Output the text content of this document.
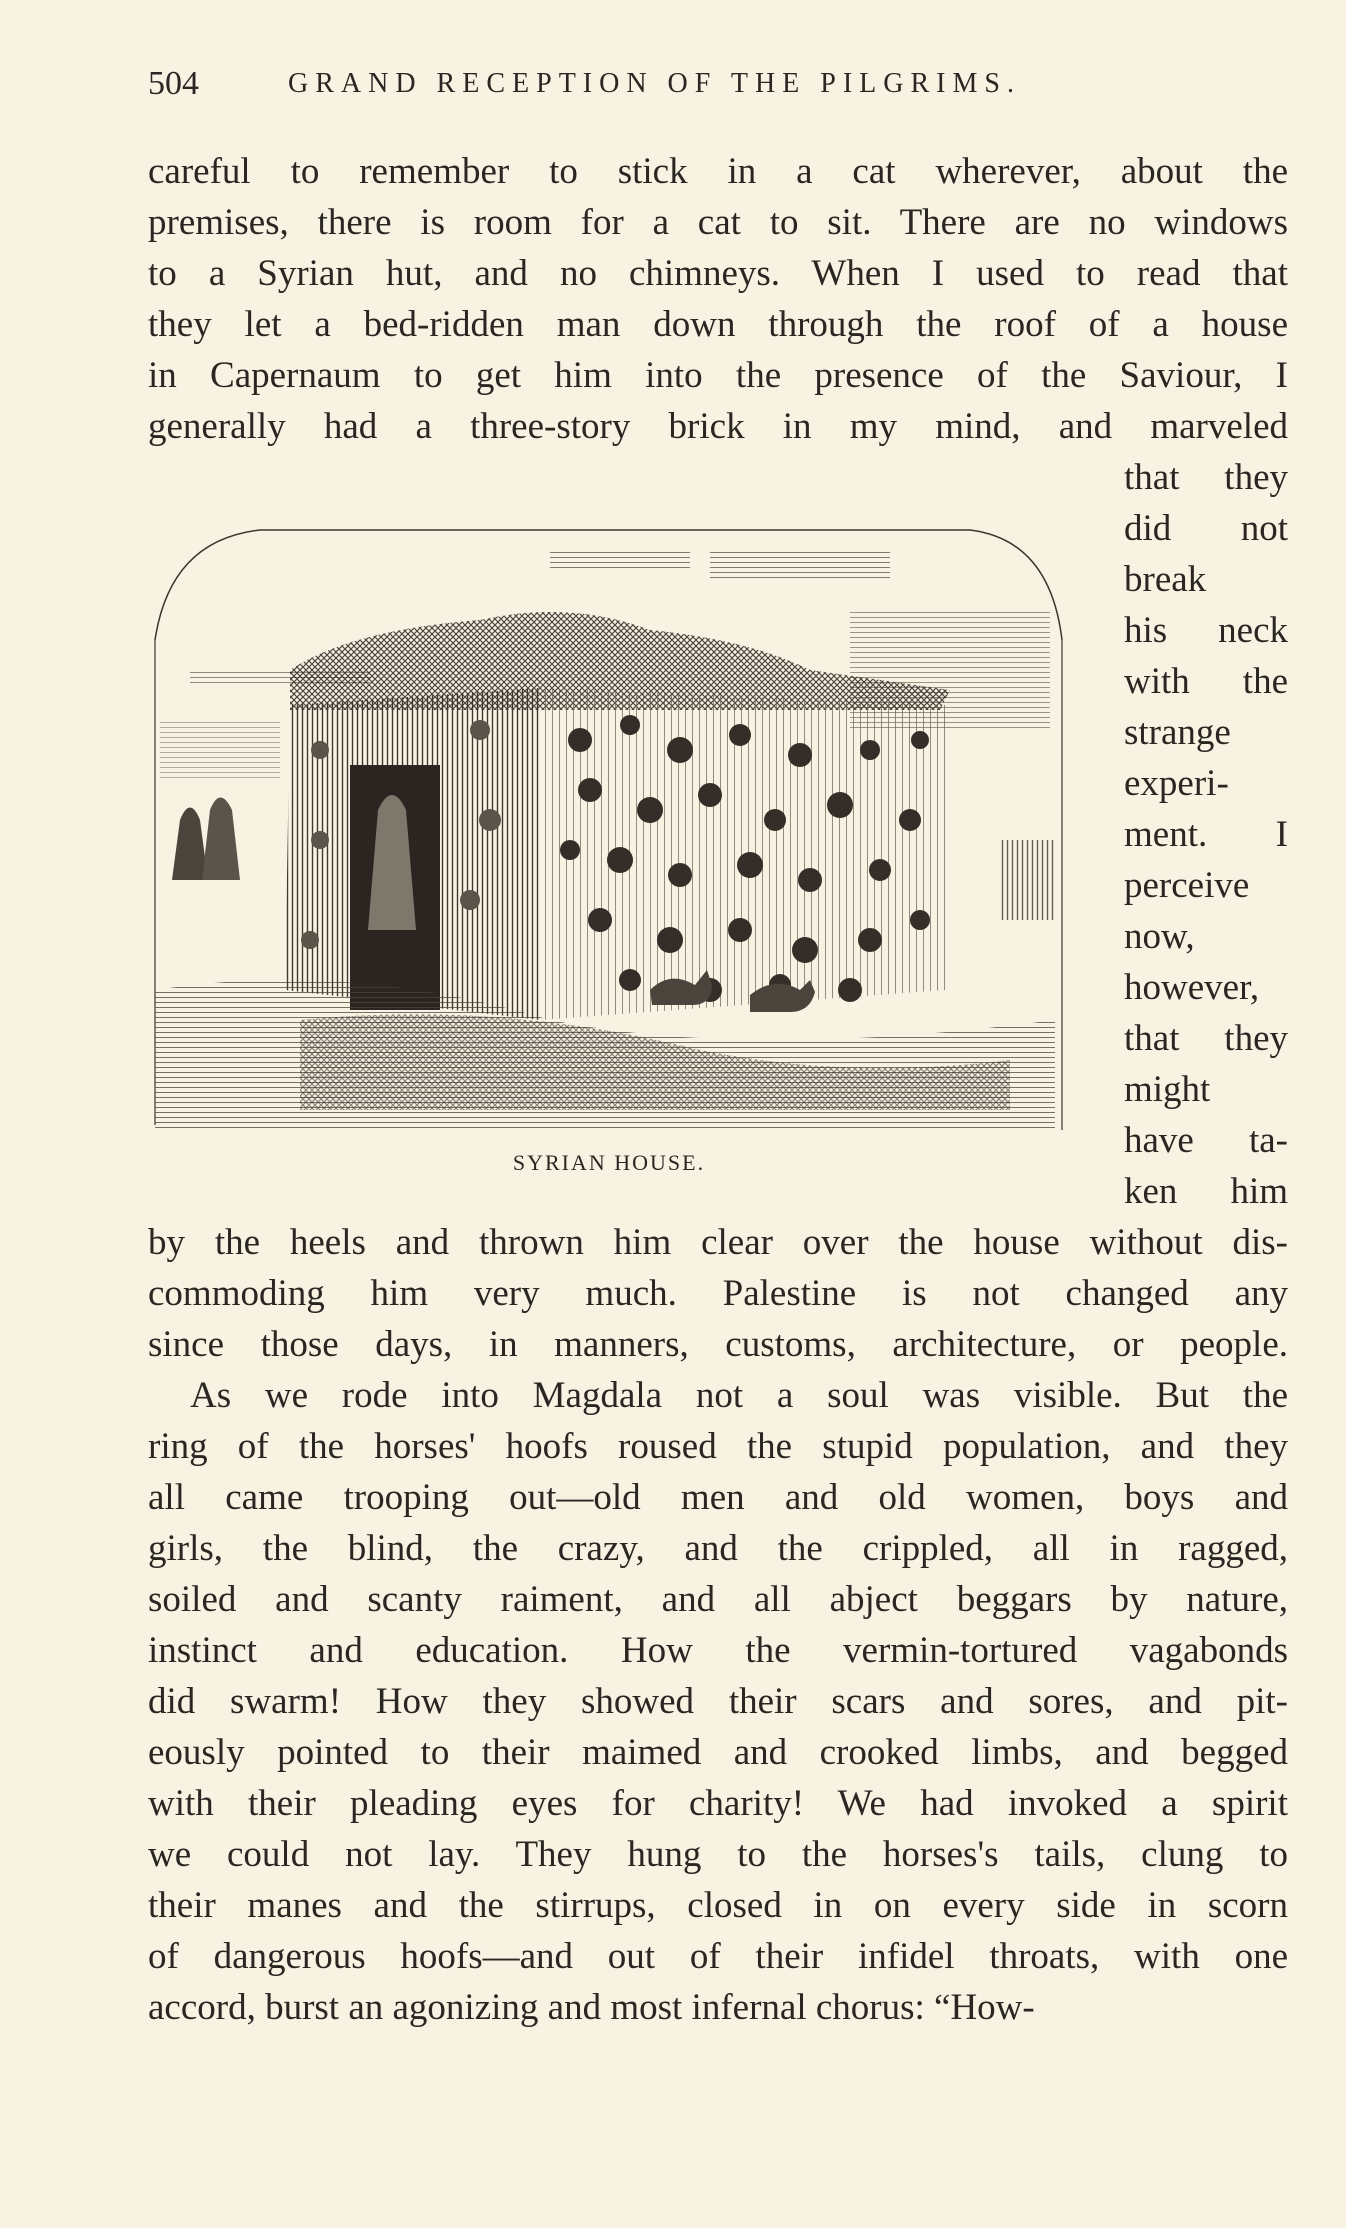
504	GRAND RECEPTION OF THE PILGRIMS.
careful to remember to stick in a cat wherever, about the
premises, there is room for a cat to sit. There are no windows
to a Syrian hut, and no chimneys. When I used to read that
they let a bed-ridden man down through the roof of a house
in Capernaum to get him into the presence of the Saviour, I
generally had a three-story brick in my mind, and marveled
that they
did not
break
his neck
with the
strange
experi-
ment. I
perceive
now,
however,
that they
might
have ta-
ken him
SYRIAN HOUSE.
by the heels and thrown him clear over the house without dis-
commoding him very much. Palestine is not changed any
since those days, in manners, customs, architecture, or people.
As we rode into Magdala not a soul was visible. But the
ring of the horses' hoofs roused the stupid population, and they
all came trooping out—old men and old women, boys and
girls, the blind, the crazy, and the crippled, all in ragged,
soiled and scanty raiment, and all abject beggars by nature,
instinct and education. How the vermin-tortured vagabonds
did swarm! How they showed their scars and sores, and pit-
eously pointed to their maimed and crooked limbs, and begged
with their pleading eyes for charity! We had invoked a spirit
we could not lay. They hung to the horses's tails, clung to
their manes and the stirrups, closed in on every side in scorn
of dangerous hoofs—and out of their infidel throats, with one
accord, burst an agonizing and most infernal chorus: “How-
